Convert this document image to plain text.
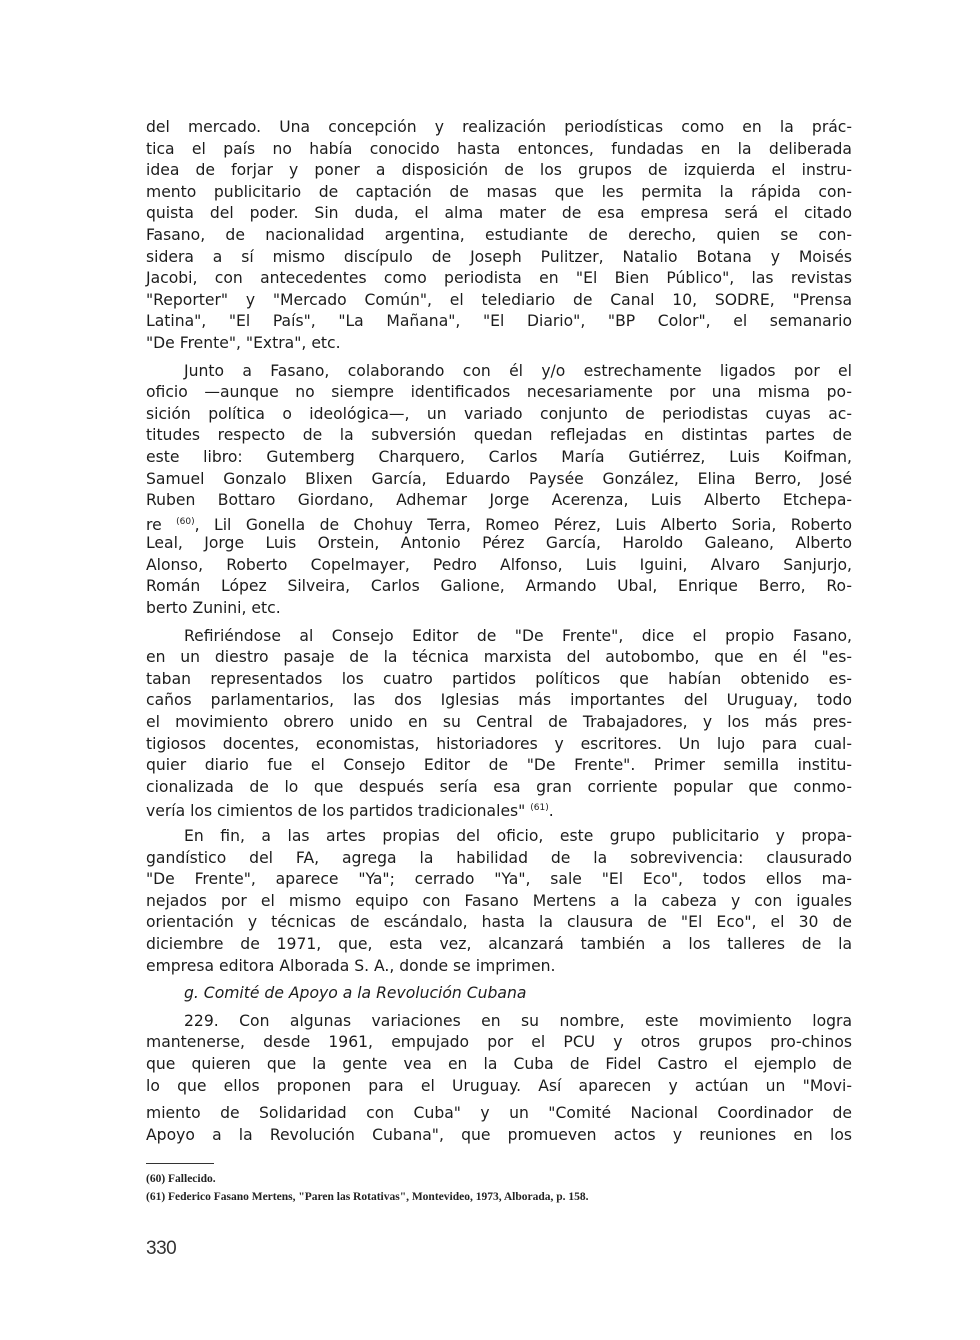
del mercado. Una concepción y realización periodísticas como en la prác-
tica el país no había conocido hasta entonces, fundadas en la deliberada
idea de forjar y poner a disposición de los grupos de izquierda el instru-
mento publicitario de captación de masas que les permita la rápida con-
quista del poder. Sin duda, el alma mater de esa empresa será el citado
Fasano, de nacionalidad argentina, estudiante de derecho, quien se con-
sidera a sí mismo discípulo de Joseph Pulitzer, Natalio Botana y Moisés
Jacobi, con antecedentes como periodista en "El Bien Público", las revistas
"Reporter" y "Mercado Común", el telediario de Canal 10, SODRE, "Prensa
Latina", "El País", "La Mañana", "El Diario", "BP Color", el semanario
"De Frente", "Extra", etc.
Junto a Fasano, colaborando con él y/o estrechamente ligados por el
oficio —aunque no siempre identificados necesariamente por una misma po-
sición política o ideológica—, un variado conjunto de periodistas cuyas ac-
titudes respecto de la subversión quedan reflejadas en distintas partes de
este libro: Gutemberg Charquero, Carlos María Gutiérrez, Luis Koifman,
Samuel Gonzalo Blixen García, Eduardo Paysée González, Elina Berro, José
Ruben Bottaro Giordano, Adhemar Jorge Acerenza, Luis Alberto Etchepa-
re $^{(60)}$, Lil Gonella de Chohuy Terra, Romeo Pérez, Luis Alberto Soria, Roberto
Leal, Jorge Luis Orstein, Antonio Pérez García, Haroldo Galeano, Alberto
Alonso, Roberto Copelmayer, Pedro Alfonso, Luis Iguini, Alvaro Sanjurjo,
Román López Silveira, Carlos Galione, Armando Ubal, Enrique Berro, Ro-
berto Zunini, etc.
Refiriéndose al Consejo Editor de "De Frente", dice el propio Fasano,
en un diestro pasaje de la técnica marxista del autobombo, que en él "es-
taban representados los cuatro partidos políticos que habían obtenido es-
caños parlamentarios, las dos Iglesias más importantes del Uruguay, todo
el movimiento obrero unido en su Central de Trabajadores, y los más pres-
tigiosos docentes, economistas, historiadores y escritores. Un lujo para cual-
quier diario fue el Consejo Editor de "De Frente". Primer semilla institu-
cionalizada de lo que después sería esa gran corriente popular que conmo-
vería los cimientos de los partidos tradicionales" $^{(61)}$.
En fin, a las artes propias del oficio, este grupo publicitario y propa-
gandístico del FA, agrega la habilidad de la sobrevivencia: clausurado
"De Frente", aparece "Ya"; cerrado "Ya", sale "El Eco", todos ellos ma-
nejados por el mismo equipo con Fasano Mertens a la cabeza y con iguales
orientación y técnicas de escándalo, hasta la clausura de "El Eco", el 30 de
diciembre de 1971, que, esta vez, alcanzará también a los talleres de la
empresa editora Alborada S. A., donde se imprimen.
g. Comité de Apoyo a la Revolución Cubana
229. Con algunas variaciones en su nombre, este movimiento logra
mantenerse, desde 1961, empujado por el PCU y otros grupos pro-chinos
que quieren que la gente vea en la Cuba de Fidel Castro el ejemplo de
lo que ellos proponen para el Uruguay. Así aparecen y actúan un "Movi-
miento de Solidaridad con Cuba" y un "Comité Nacional Coordinador de
Apoyo a la Revolución Cubana", que promueven actos y reuniones en los
(60) Fallecido.
(61) Federico Fasano Mertens, "Paren las Rotativas", Montevideo, 1973, Alborada, p. 158.
330
